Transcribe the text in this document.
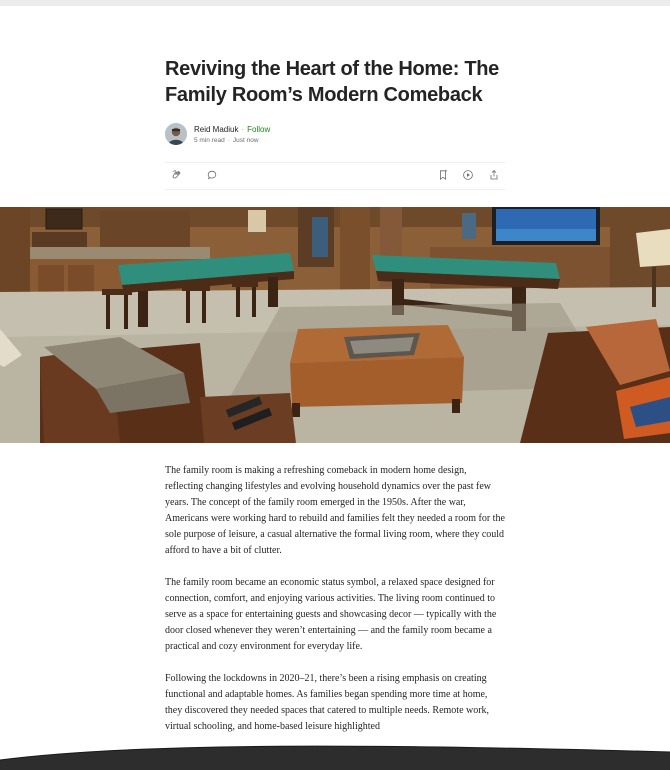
Reviving the Heart of the Home: The Family Room’s Modern Comeback
Reid Madiuk · Follow
5 min read · Just now

The family room is making a refreshing comeback in modern home design, reflecting changing lifestyles and evolving household dynamics over the past few years. The concept of the family room emerged in the 1950s. After the war, Americans were working hard to rebuild and families felt they needed a room for the sole purpose of leisure, a casual alternative the formal living room, where they could afford to have a bit of clutter.

The family room became an economic status symbol, a relaxed space designed for connection, comfort, and enjoying various activities. The living room continued to serve as a space for entertaining guests and showcasing decor — typically with the door closed whenever they weren’t entertaining — and the family room became a practical and cozy environment for everyday life.

Following the lockdowns in 2020–21, there’s been a rising emphasis on creating functional and adaptable homes. As families began spending more time at home, they discovered they needed spaces that catered to multiple needs. Remote work, virtual schooling, and home-based leisure highlighted
